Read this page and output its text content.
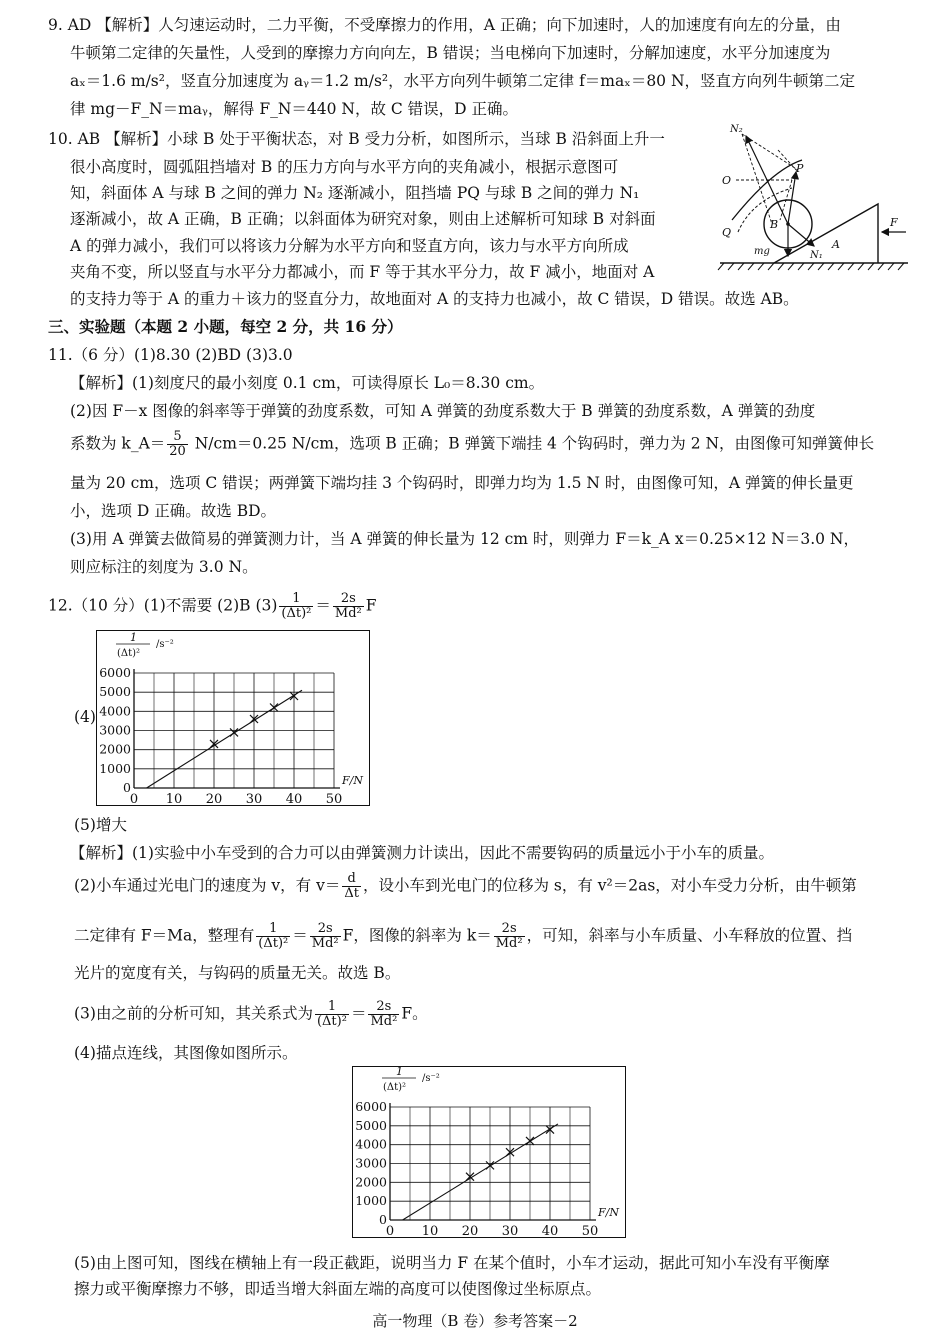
9. AD 【解析】人匀速运动时，二力平衡，不受摩擦力的作用，A 正确；向下加速时，人的加速度有向左的分量，由
牛顿第二定律的矢量性，人受到的摩擦力方向向左，B 错误；当电梯向下加速时，分解加速度，水平分加速度为
aₓ＝1.6 m/s²，竖直分加速度为 aᵧ＝1.2 m/s²，水平方向列牛顿第二定律 f＝maₓ＝80 N，竖直方向列牛顿第二定
律 mg－F_N＝maᵧ，解得 F_N＝440 N，故 C 错误，D 正确。
10. AB 【解析】小球 B 处于平衡状态，对 B 受力分析，如图所示，当球 B 沿斜面上升一
很小高度时，圆弧阻挡墙对 B 的压力方向与水平方向的夹角减小，根据示意图可
知，斜面体 A 与球 B 之间的弹力 N₂ 逐渐减小，阻挡墙 PQ 与球 B 之间的弹力 N₁
逐渐减小，故 A 正确，B 正确；以斜面体为研究对象，则由上述解析可知球 B 对斜面
A 的弹力减小，我们可以将该力分解为水平方向和竖直方向，该力与水平方向所成
夹角不变，所以竖直与水平分力都减小，而 F 等于其水平分力，故 F 减小，地面对 A
的支持力等于 A 的重力＋该力的竖直分力，故地面对 A 的支持力也减小，故 C 错误，D 错误。故选 AB。
N₂
O
P
Q
B
mg	N₁
A
F
三、实验题（本题 2 小题，每空 2 分，共 16 分）
11.（6 分）(1)8.30 (2)BD (3)3.0
【解析】(1)刻度尺的最小刻度 0.1 cm，可读得原长 L₀＝8.30 cm。
(2)因 F－x 图像的斜率等于弹簧的劲度系数，可知 A 弹簧的劲度系数大于 B 弹簧的劲度系数，A 弹簧的劲度
系数为 k_A＝ $\frac{5}{20} N/cm=0.25$ N/cm，选项 B 正确；B 弹簧下端挂 4 个钩码时，弹力为 2 N，由图像可知弹簧伸长
量为 20 cm，选项 C 错误；两弹簧下端均挂 3 个钩码时，即弹力均为 1.5 N 时，由图像可知，A 弹簧的伸长量更
小，选项 D 正确。故选 BD。
(3)用 A 弹簧去做简易的弹簧测力计，当 A 弹簧的伸长量为 12 cm 时，则弹力 F＝k_A x＝0.25×12 N＝3.0 N，
则应标注的刻度为 3.0 N。
12.（10 分）(1)不需要 (2)B $(3) \frac{1}{\text{(Δt)²}} = \frac{2s}{\text{Md²}}$ F
(4)
0 10 20 30 40 50
0
1000
2000
3000
4000
5000
6000
1
(Δt)²
/s⁻²
F/N
(5)增大
【解析】(1)实验中小车受到的合力可以由弹簧测力计读出，因此不需要钩码的质量远小于小车的质量。
(2)小车通过光电门的速度为 v，有 $v= \frac{d}{\Delta t}$ ，设小车到光电门的位移为 s，有 v²＝2as，对小车受力分析，由牛顿第
二定律有 F＝Ma，整理有 $\frac{1}{\text{(Δt)²}} = \frac{2s}{\text{Md²}}$ F，图像的斜率为 $k= \frac{2s}{\text{Md²}}$ ，可知，斜率与小车质量、小车释放的位置、挡
光片的宽度有关，与钩码的质量无关。故选 B。
(3)由之前的分析可知，其关系式为 $\frac{1}{\text{(Δt)²}} = \frac{2s}{\text{Md²}}$ F。
(4)描点连线，其图像如图所示。
0 10 20 30 40 50
0
1000
2000
3000
4000
5000
6000
1
(Δt)²
/s⁻²
F/N
(5)由上图可知，图线在横轴上有一段正截距，说明当力 F 在某个值时，小车才运动，据此可知小车没有平衡摩
擦力或平衡摩擦力不够，即适当增大斜面左端的高度可以使图像过坐标原点。
高一物理（B 卷）参考答案－2
